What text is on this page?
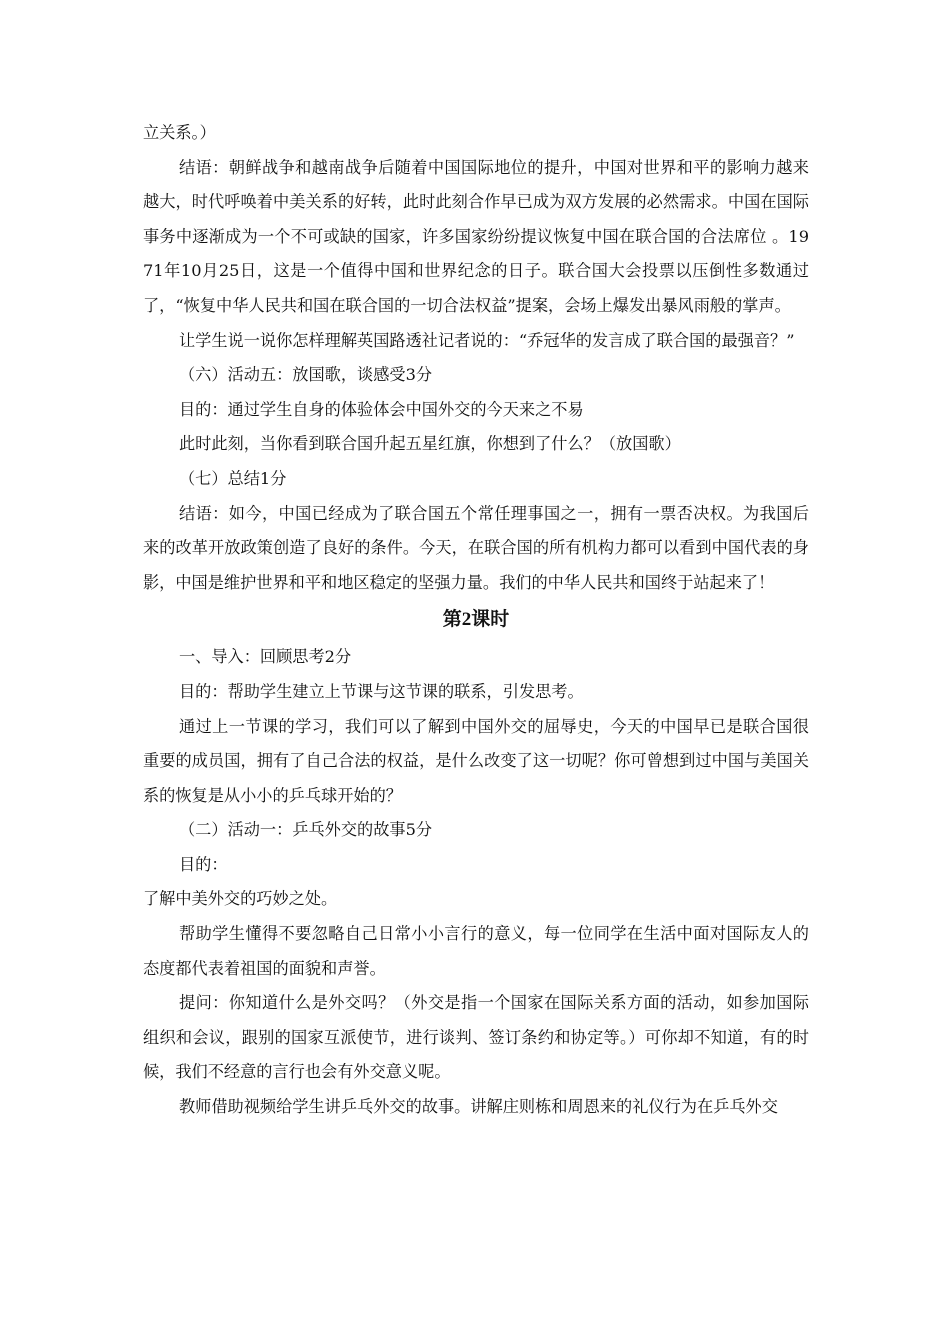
立关系。）

结语：朝鲜战争和越南战争后随着中国国际地位的提升，中国对世界和平的影响力越来越大，时代呼唤着中美关系的好转，此时此刻合作早已成为双方发展的必然需求。中国在国际事务中逐渐成为一个不可或缺的国家，许多国家纷纷提议恢复中国在联合国的合法席位 。1971年10月25日，这是一个值得中国和世界纪念的日子。联合国大会投票以压倒性多数通过了，“恢复中华人民共和国在联合国的一切合法权益”提案，会场上爆发出暴风雨般的掌声。

让学生说一说你怎样理解英国路透社记者说的：“乔冠华的发言成了联合国的最强音？”

（六）活动五：放国歌，谈感受3分

目的：通过学生自身的体验体会中国外交的今天来之不易

此时此刻，当你看到联合国升起五星红旗，你想到了什么？（放国歌）

（七）总结1分

结语：如今，中国已经成为了联合国五个常任理事国之一，拥有一票否决权。为我国后来的改革开放政策创造了良好的条件。今天，在联合国的所有机构力都可以看到中国代表的身影，中国是维护世界和平和地区稳定的坚强力量。我们的中华人民共和国终于站起来了！

第2课时

一、导入：回顾思考2分

目的：帮助学生建立上节课与这节课的联系，引发思考。

通过上一节课的学习，我们可以了解到中国外交的屈辱史，今天的中国早已是联合国很重要的成员国，拥有了自己合法的权益，是什么改变了这一切呢？你可曾想到过中国与美国关系的恢复是从小小的乒乓球开始的？

（二）活动一：乒乓外交的故事5分

目的：

了解中美外交的巧妙之处。

帮助学生懂得不要忽略自己日常小小言行的意义，每一位同学在生活中面对国际友人的态度都代表着祖国的面貌和声誉。

提问：你知道什么是外交吗？（外交是指一个国家在国际关系方面的活动，如参加国际组织和会议，跟别的国家互派使节，进行谈判、签订条约和协定等。）可你却不知道，有的时候，我们不经意的言行也会有外交意义呢。

教师借助视频给学生讲乒乓外交的故事。讲解庄则栋和周恩来的礼仪行为在乒乓外交
